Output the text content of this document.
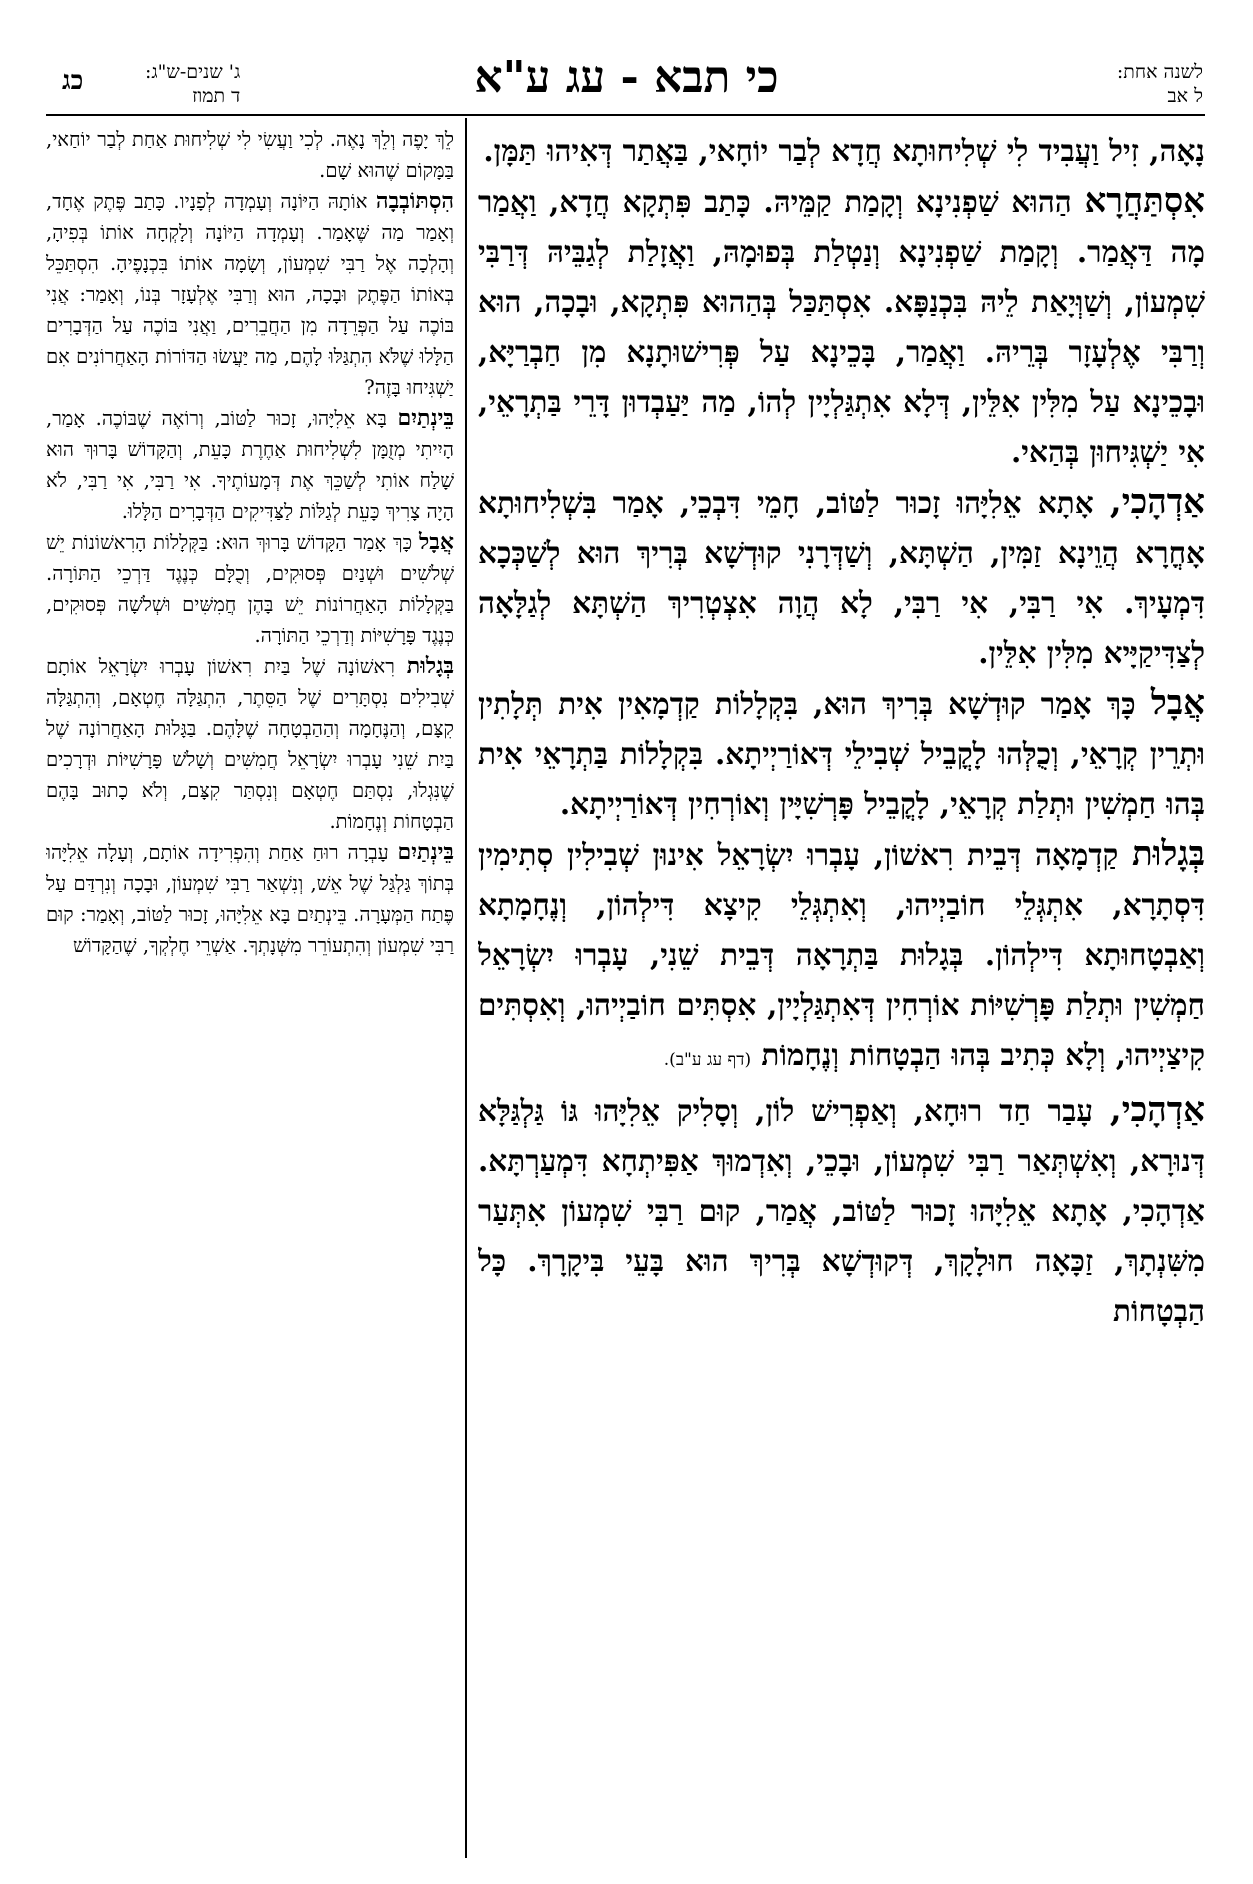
לשנה אחת:
ל אב
כי תבא - עג ע"א
ג' שנים-ש"ג:
ד תמוז
כג

נָאָה, זִיל וַעֲבִיד לִי שְׁלִיחוּתָא חֲדָא לְבַר יוֹחָאי, בַּאֲתַר דְּאִיהוּ תַּמָּן.

אִסְתַּחֲרָא הַהוּא שַׁפְנִינָא וְקָמַת קַמֵּיהּ. כָּתַב פִּתְקָא חֲדָא, וַאֲמַר מָה דַּאֲמַר. וְקָמַת שַׁפְנִינָא וְנַטְלַת בְּפוּמָהּ, וַאֲזָלַת לְגַבֵּיהּ דְּרַבִּי שִׁמְעוֹן, וְשַׁוְּיָאַת לֵיהּ בִּכְנַפָּא. אִסְתַּכַּל בְּהַהוּא פִּתְקָא, וּבָכָה, הוּא וְרַבִּי אֶלְעָזָר בְּרֵיהּ. וַאֲמַר, בָּכֵינָא עַל פְּרִישׁוּתָנָא מִן חַבְרַיָּא, וּבָכֵינָא עַל מִלִּין אִלֵּין, דְּלָא אִתְגַּלְיָין לְהוֹ, מַה יַּעַבְדוּן דָּרֵי בַּתְרָאֵי, אִי יַשְׁגִּיחוּן בְּהַאי.

אַדְהָכִי, אָתָא אֵלִיָּהוּ זָכוּר לַטּוֹב, חָמֵי דִּבְכֵי, אָמַר בִּשְׁלִיחוּתָא אָחֳרָא הֲוֵינָא זַמִּין, הַשְׁתָּא, וְשַׁדְּרָנִי קוּדְשָׁא בְּרִיךְ הוּא לְשַׁכְּכָא דִּמְעָיךְ. אִי רַבִּי, אִי רַבִּי, לָא הֲוָה אִצְטְרִיךְ הַשְׁתָּא לְגַלָּאָה לְצַדִּיקַיָּיא מִלִּין אִלֵּין.

אֲבָל כָּךְ אָמַר קוּדְשָׁא בְּרִיךְ הוּא, בִּקְלָלוֹת קַדְמָאִין אִית תְּלָתִין וּתְרֵין קְרָאֵי, וְכֻלְּהוּ לָקֳבֵיל שְׁבִילֵי דְּאוֹרַיְיתָא. בִּקְלָלוֹת בַּתְרָאֵי אִית בְּהוּ חַמְשִׁין וּתְלַת קְרָאֵי, לָקֳבֵיל פָּרְשִׁיָּין וְאוֹרְחִין דְּאוֹרַיְיתָא.

בְּגָלוּת קַדְמָאָה דְּבֵית רִאשׁוֹן, עָבְרוּ יִשְׂרָאֵל אִינוּן שְׁבִילִין סְתִימִין דִּסְתָרָא, אִתְגְּלֵי חוֹבַיְיהוּ, וְאִתְגְּלֵי קִיצָא דִּילְהוֹן, וְנֶחָמָתָא וְאַבְטָחוּתָא דִּילְהוֹן. בְּגָלוּת בַּתְרָאָה דְּבֵית שֵׁנִי, עָבְרוּ יִשְׂרָאֵל חַמְשִׁין וּתְלַת פָּרְשִׁיּוֹת אוֹרְחִין דְּאִתְגַּלְיָין, אִסְתִּים חוֹבַיְיהוּ, וְאִסְתִּים קִיצַיְיהוּ, וְלָא כְּתִיב בְּהוּ הַבְטָחוֹת וְנֶחָמוֹת (דף עג ע"ב).

אַדְהָכִי, עָבַר חַד רוּחָא, וְאַפְרִישׁ לוֹן, וְסָלִיק אֵלִיָּהוּ גּוֹ גַּלְגַּלָּא דְּנוּרָא, וְאִשְׁתְּאַר רַבִּי שִׁמְעוֹן, וּבָכֵי, וְאִדְמוּךְ אַפִּיתְחָא דִּמְעַרְתָּא. אַדְהָכִי, אָתָא אֵלִיָּהוּ זָכוּר לַטּוֹב, אֲמַר, קוּם רַבִּי שִׁמְעוֹן אִתְּעַר מִשִּׁנְתָךְ, זַכָּאָה חוּלָקָךְ, דְּקוּדְשָׁא בְּרִיךְ הוּא בָּעֵי בִּיקָרָךְ. כָּל הַבְטָחוֹת

לֵךְ יָפֶה וְלֵךְ נָאֶה. לְכִי וַעֲשִׂי לִי שְׁלִיחוּת אַחַת לְבַר יוֹחַאי, בַּמָּקוֹם שֶׁהוּא שָׁם.

הִסְתּוֹבְבָה אוֹתָהּ הַיּוֹנָה וְעָמְדָה לְפָנָיו. כָּתַב פֶּתֶק אֶחָד, וְאָמַר מַה שֶּׁאָמַר. וְעָמְדָה הַיּוֹנָה וְלָקְחָה אוֹתוֹ בְּפִיהָ, וְהָלְכָה אֶל רַבִּי שִׁמְעוֹן, וְשָׂמָה אוֹתוֹ בִּכְנָפֶיהָ. הִסְתַּכֵּל בְּאוֹתוֹ הַפֶּתֶק וּבָכָה, הוּא וְרַבִּי אֶלְעָזָר בְּנוֹ, וְאָמַר: אֲנִי בּוֹכֶה עַל הַפְּרֵדָה מִן הַחֲבֵרִים, וַאֲנִי בּוֹכֶה עַל הַדְּבָרִים הַלָּלוּ שֶׁלֹּא הִתְגַּלּוּ לָהֶם, מַה יַּעֲשׂוּ הַדּוֹרוֹת הָאַחֲרוֹנִים אִם יַשְׁגִּיחוּ בָּזֶה?

בֵּינְתַיִם בָּא אֵלִיָּהוּ, זָכוּר לַטּוֹב, וְרוֹאֶה שֶׁבּוֹכֶה. אָמַר, הָיִיתִי מְזֻמָּן לִשְׁלִיחוּת אַחֶרֶת כָּעֵת, וְהַקָּדוֹשׁ בָּרוּךְ הוּא שָׁלַח אוֹתִי לְשַׁכֵּךְ אֶת דְּמָעוֹתֶיךָ. אִי רַבִּי, אִי רַבִּי, לֹא הָיָה צָרִיךְ כָּעֵת לְגַלּוֹת לַצַּדִּיקִים הַדְּבָרִים הַלָּלוּ.

אֲבָל כָּךְ אָמַר הַקָּדוֹשׁ בָּרוּךְ הוּא: בַּקְּלָלוֹת הָרִאשׁוֹנוֹת יֵשׁ שְׁלֹשִׁים וּשְׁנַיִם פְּסוּקִים, וְכֻלָּם כְּנֶגֶד דַּרְכֵי הַתּוֹרָה. בַּקְּלָלוֹת הָאַחֲרוֹנוֹת יֵשׁ בָּהֶן חֲמִשִּׁים וּשְׁלֹשָׁה פְּסוּקִים, כְּנֶגֶד פָּרָשִׁיּוֹת וְדַרְכֵי הַתּוֹרָה.

בְּגָלוּת רִאשׁוֹנָה שֶׁל בַּיִת רִאשׁוֹן עָבְרוּ יִשְׂרָאֵל אוֹתָם שְׁבִילִים נִסְתָּרִים שֶׁל הַסֵּתֶר, הִתְגַּלָּה חֶטְאָם, וְהִתְגַּלָּה קִצָּם, וְהַנֶּחָמָה וְהַהַבְטָחָה שֶׁלָּהֶם. בַּגָּלוּת הָאַחֲרוֹנָה שֶׁל בַּיִת שֵׁנִי עָבְרוּ יִשְׂרָאֵל חֲמִשִּׁים וְשָׁלֹשׁ פָּרָשִׁיּוֹת וּדְרָכִים שֶׁנִּגְלוּ, נִסְתַּם חֶטְאָם וְנִסְתַּר קִצָּם, וְלֹא כָתוּב בָּהֶם הַבְטָחוֹת וְנֶחָמוֹת.

בֵּינְתַיִם עָבְרָה רוּחַ אַחַת וְהִפְרִידָה אוֹתָם, וְעָלָה אֵלִיָּהוּ בְּתוֹךְ גַּלְגַּל שֶׁל אֵשׁ, וְנִשְׁאַר רַבִּי שִׁמְעוֹן, וּבָכָה וְנִרְדַּם עַל פֶּתַח הַמְּעָרָה. בֵּינְתַיִם בָּא אֵלִיָּהוּ, זָכוּר לַטּוֹב, וְאָמַר: קוּם רַבִּי שִׁמְעוֹן וְהִתְעוֹרֵר מִשְּׁנָתְךָ. אַשְׁרֵי חֶלְקְךָ, שֶׁהַקָּדוֹשׁ
